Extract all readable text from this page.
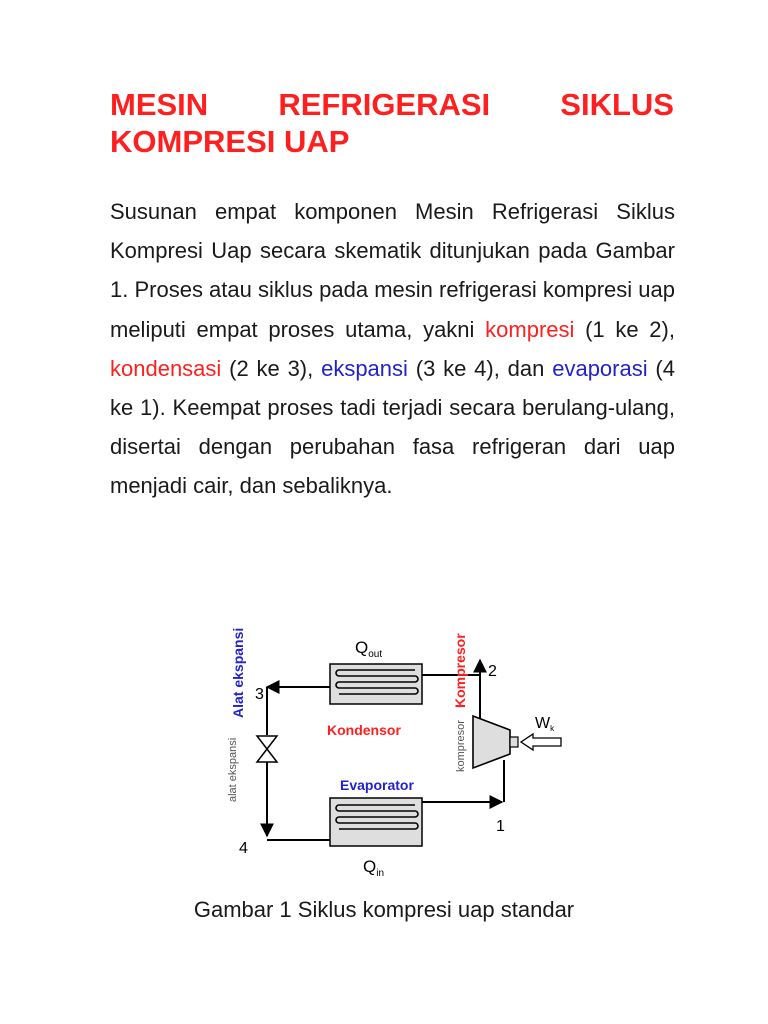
MESIN REFRIGERASI SIKLUS
KOMPRESI UAP

Susunan empat komponen Mesin Refrigerasi Siklus Kompresi Uap secara skematik ditunjukan pada Gambar 1. Proses atau siklus pada mesin refrigerasi kompresi uap meliputi empat proses utama, yakni kompresi (1 ke 2), kondensasi (2 ke 3), ekspansi (3 ke 4), dan evaporasi (4 ke 1). Keempat proses tadi terjadi secara berulang-ulang, disertai dengan perubahan fasa refrigeran dari uap menjadi cair, dan sebaliknya.

Alat ekspansi
alat ekspansi
Kompresor
kompresor
Kondensor
Evaporator
$Q_{out}$
$Q_{in}$
Wk
2
3
4
1
Gambar 1 Siklus kompresi uap standar
